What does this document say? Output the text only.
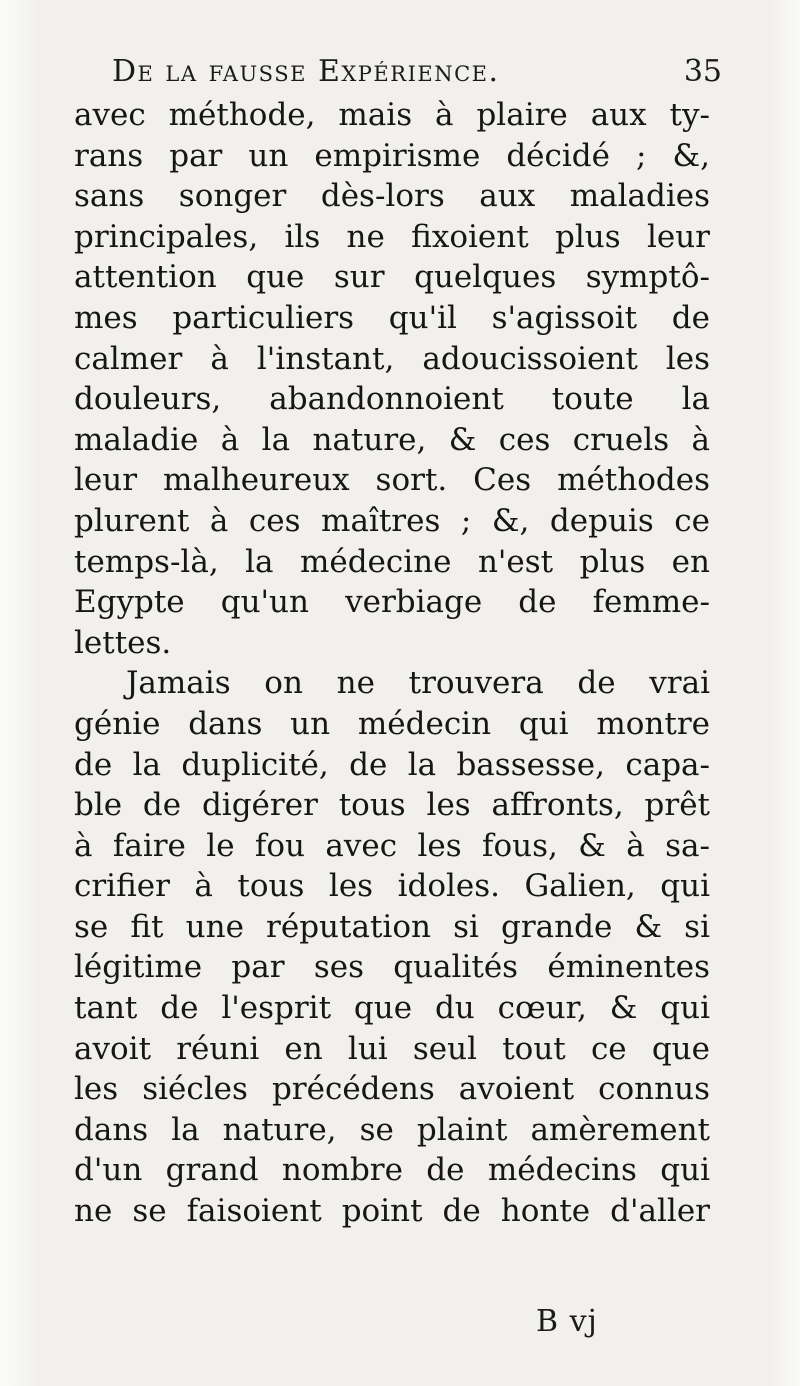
De la fausse Expérience.	35
avec méthode, mais à plaire aux ty-
rans par un empirisme décidé ; &,
sans songer dès-lors aux maladies
principales, ils ne fixoient plus leur
attention que sur quelques symptô-
mes particuliers qu'il s'agissoit de
calmer à l'instant, adoucissoient les
douleurs, abandonnoient toute la
maladie à la nature, & ces cruels à
leur malheureux sort. Ces méthodes
plurent à ces maîtres ; &, depuis ce
temps-là, la médecine n'est plus en
Egypte qu'un verbiage de femme-
lettes.
Jamais on ne trouvera de vrai
génie dans un médecin qui montre
de la duplicité, de la bassesse, capa-
ble de digérer tous les affronts, prêt
à faire le fou avec les fous, & à sa-
crifier à tous les idoles. Galien, qui
se fit une réputation si grande & si
légitime par ses qualités éminentes
tant de l'esprit que du cœur, & qui
avoit réuni en lui seul tout ce que
les siécles précédens avoient connus
dans la nature, se plaint amèrement
d'un grand nombre de médecins qui
ne se faisoient point de honte d'aller
B vj
